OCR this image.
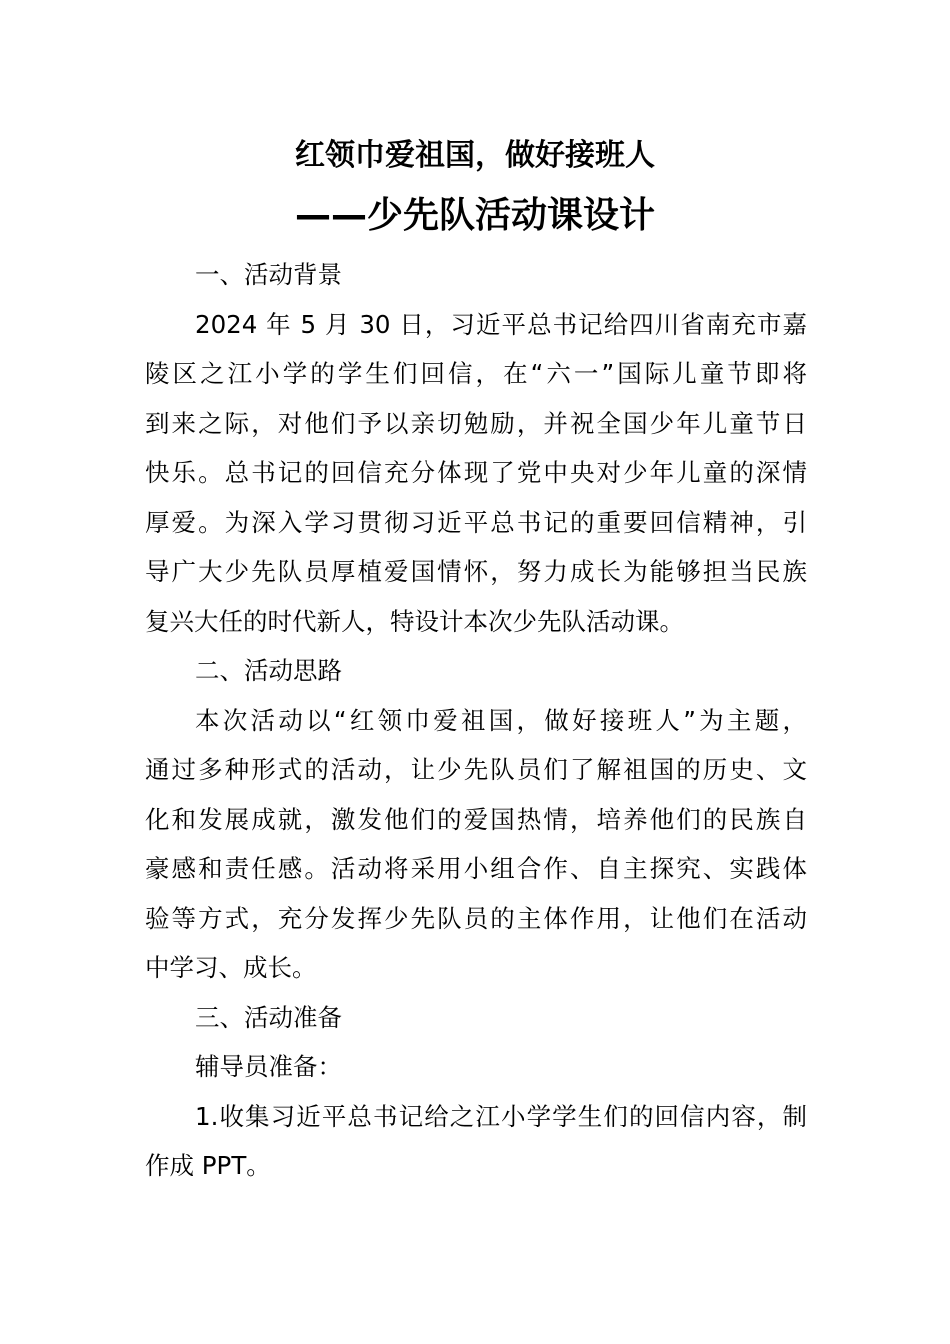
红领巾爱祖国，做好接班人
——少先队活动课设计
一、活动背景
2024 年 5 月 30 日，习近平总书记给四川省南充市嘉
陵区之江小学的学生们回信，在“六一”国际儿童节即将
到来之际，对他们予以亲切勉励，并祝全国少年儿童节日
快乐。总书记的回信充分体现了党中央对少年儿童的深情
厚爱。为深入学习贯彻习近平总书记的重要回信精神，引
导广大少先队员厚植爱国情怀，努力成长为能够担当民族
复兴大任的时代新人，特设计本次少先队活动课。
二、活动思路
本次活动以“红领巾爱祖国，做好接班人”为主题，
通过多种形式的活动，让少先队员们了解祖国的历史、文
化和发展成就，激发他们的爱国热情，培养他们的民族自
豪感和责任感。活动将采用小组合作、自主探究、实践体
验等方式，充分发挥少先队员的主体作用，让他们在活动
中学习、成长。
三、活动准备
辅导员准备：
1.收集习近平总书记给之江小学学生们的回信内容，制
作成 PPT。
